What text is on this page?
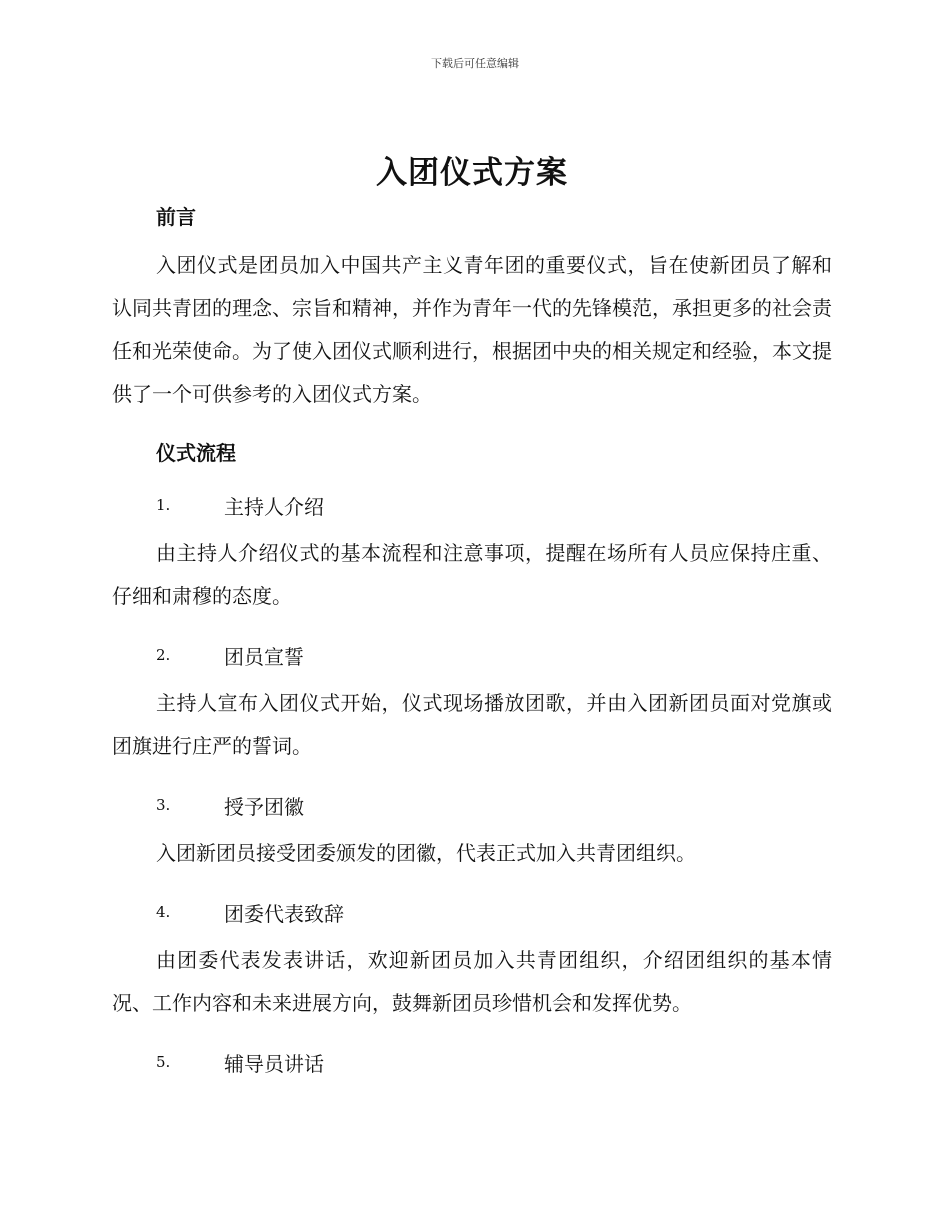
下载后可任意编辑
入团仪式方案
前言

入团仪式是团员加入中国共产主义青年团的重要仪式，旨在使新团员了解和认同共青团的理念、宗旨和精神，并作为青年一代的先锋模范，承担更多的社会责任和光荣使命。为了使入团仪式顺利进行，根据团中央的相关规定和经验，本文提供了一个可供参考的入团仪式方案。

仪式流程
1.	主持人介绍

由主持人介绍仪式的基本流程和注意事项，提醒在场所有人员应保持庄重、仔细和肃穆的态度。

2.	团员宣誓

主持人宣布入团仪式开始，仪式现场播放团歌，并由入团新团员面对党旗或团旗进行庄严的誓词。

3.	授予团徽

入团新团员接受团委颁发的团徽，代表正式加入共青团组织。

4.	团委代表致辞

由团委代表发表讲话，欢迎新团员加入共青团组织，介绍团组织的基本情况、工作内容和未来进展方向，鼓舞新团员珍惜机会和发挥优势。

5.	辅导员讲话
